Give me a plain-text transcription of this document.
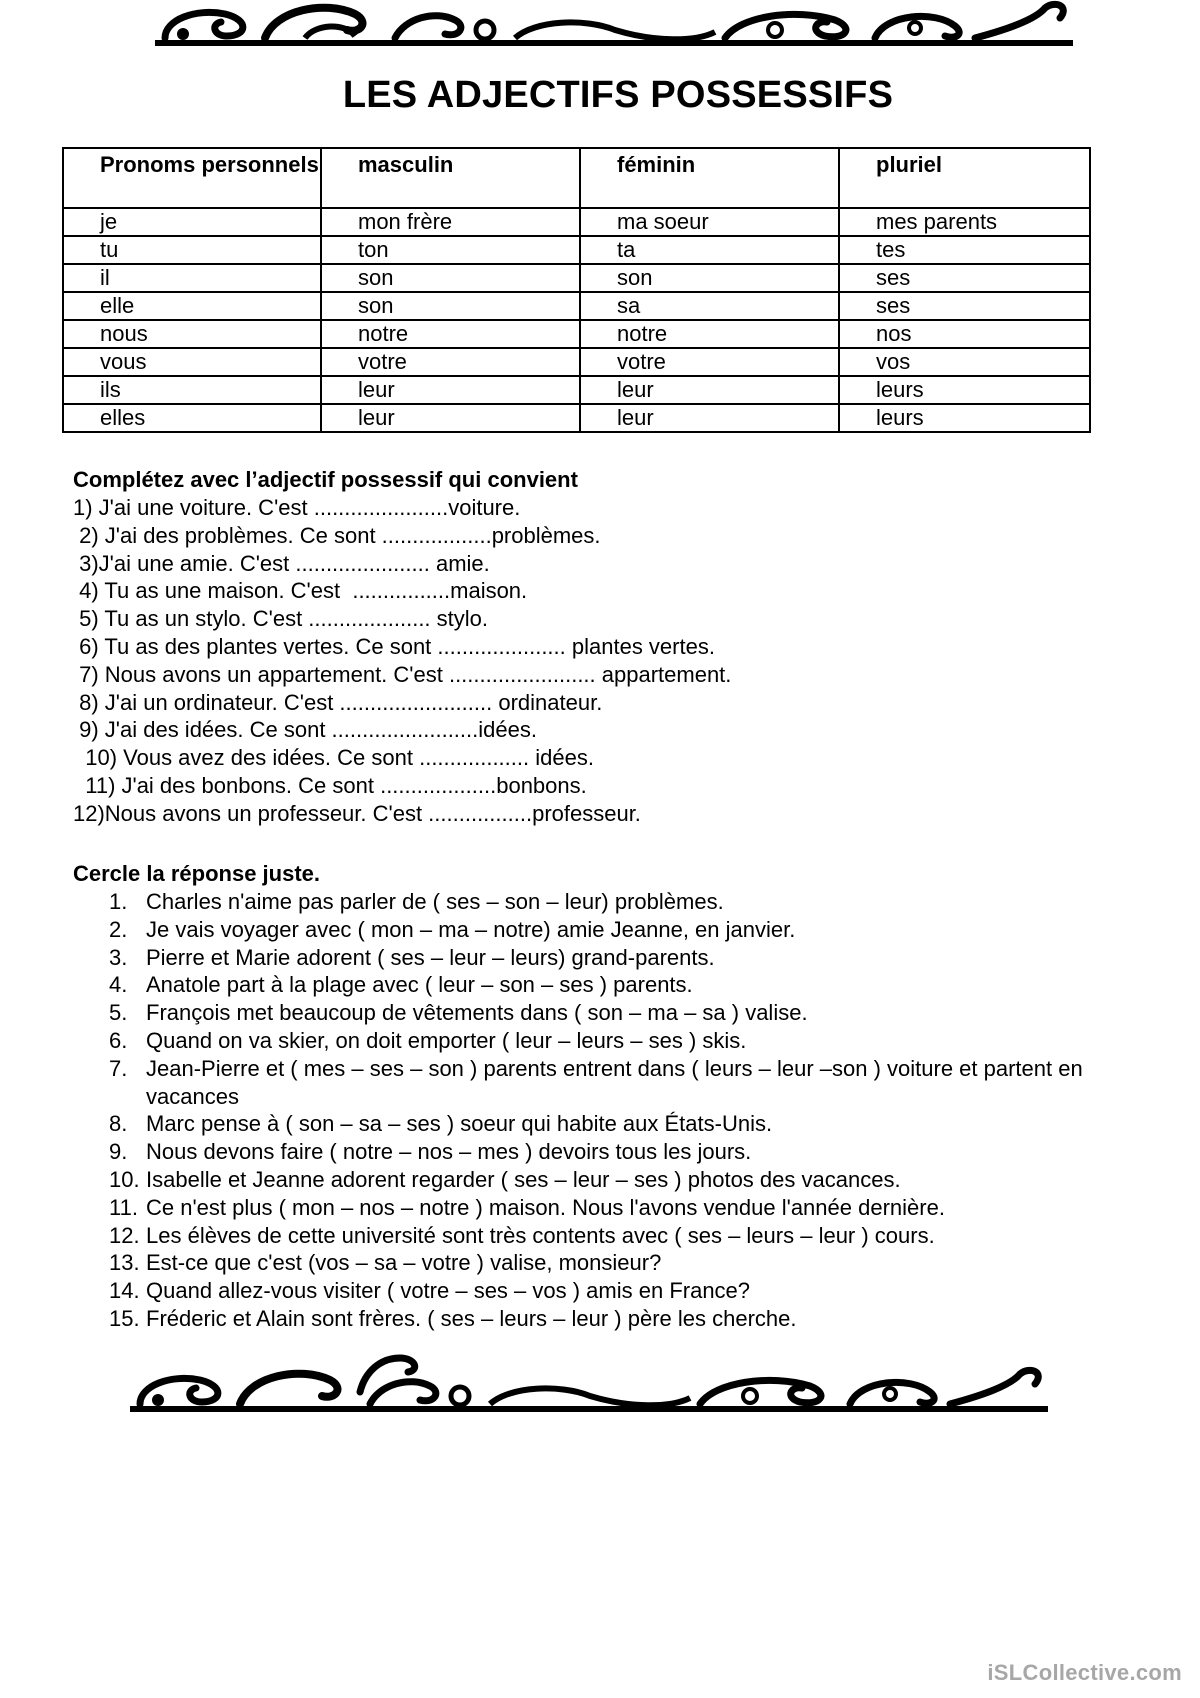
LES ADJECTIFS POSSESSIFS
Pronoms personnels	masculin	féminin	pluriel
je	mon frère	ma soeur	mes parents
tu	ton	ta	tes
il	son	son	ses
elle	son	sa	ses
nous	notre	notre	nos
vous	votre	votre	vos
ils	leur	leur	leurs
elles	leur	leur	leurs
Complétez avec l’adjectif possessif qui convient
1) J'ai une voiture. C'est ......................voiture.
2) J'ai des problèmes. Ce sont ..................problèmes.
3)J'ai une amie. C'est ...................... amie.
4) Tu as une maison. C'est  ................maison.
5) Tu as un stylo. C'est .................... stylo.
6) Tu as des plantes vertes. Ce sont ..................... plantes vertes.
7) Nous avons un appartement. C'est ........................ appartement.
8) J'ai un ordinateur. C'est ......................... ordinateur.
9) J'ai des idées. Ce sont ........................idées.
10) Vous avez des idées. Ce sont .................. idées.
11) J'ai des bonbons. Ce sont ...................bonbons.
12)Nous avons un professeur. C'est .................professeur.
Cercle la réponse juste.
1. Charles n'aime pas parler de ( ses – son – leur) problèmes.
2. Je vais voyager avec ( mon – ma – notre) amie Jeanne, en janvier.
3. Pierre et Marie adorent ( ses – leur – leurs) grand-parents.
4. Anatole part à la plage avec ( leur – son – ses ) parents.
5. François met beaucoup de vêtements dans ( son – ma – sa ) valise.
6. Quand on va skier, on doit emporter ( leur – leurs – ses ) skis.
7. Jean-Pierre et ( mes – ses – son ) parents entrent dans ( leurs – leur –son ) voiture et partent en vacances
8. Marc pense à ( son – sa – ses ) soeur qui habite aux États-Unis.
9. Nous devons faire ( notre – nos – mes ) devoirs tous les jours.
10. Isabelle et Jeanne adorent regarder ( ses – leur – ses ) photos des vacances.
11. Ce n'est plus ( mon – nos – notre ) maison. Nous l'avons vendue l'année dernière.
12. Les élèves de cette université sont très contents avec ( ses – leurs – leur ) cours.
13. Est-ce que c'est (vos – sa – votre ) valise, monsieur?
14. Quand allez-vous visiter ( votre – ses – vos ) amis en France?
15. Fréderic et Alain sont frères. ( ses – leurs – leur ) père les cherche.
iSLCollective.com
